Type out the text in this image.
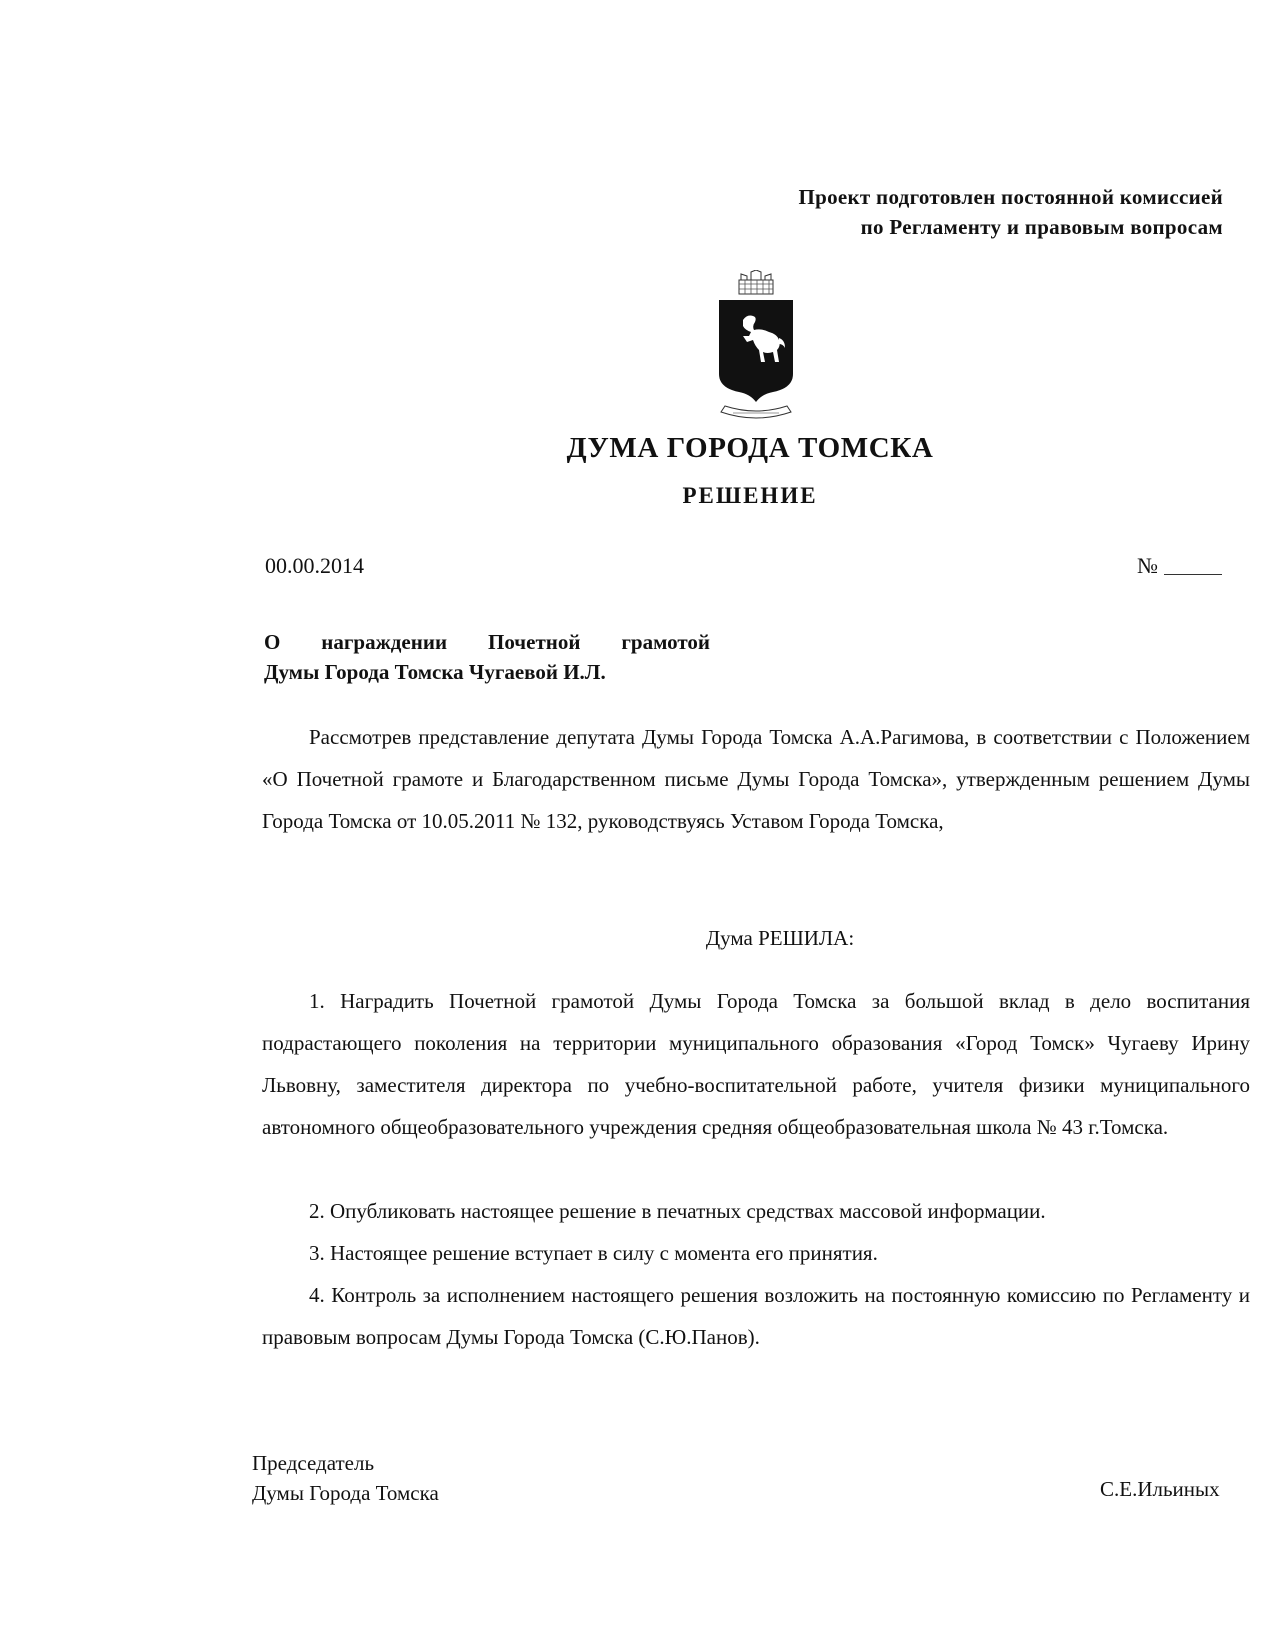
Проект подготовлен постоянной комиссией
по Регламенту и правовым вопросам
ДУМА ГОРОДА ТОМСКА
РЕШЕНИЕ
00.00.2014	№
О награждении Почетной грамотой
Думы Города Томска Чугаевой И.Л.
Рассмотрев представление депутата Думы Города Томска А.А.Рагимова, в соответствии с Положением «О Почетной грамоте и Благодарственном письме Думы Города Томска», утвержденным решением Думы Города Томска от 10.05.2011 № 132, руководствуясь Уставом Города Томска,
Дума РЕШИЛА:
1. Наградить Почетной грамотой Думы Города Томска за большой вклад в дело воспитания подрастающего поколения на территории муниципального образования «Город Томск» Чугаеву Ирину Львовну, заместителя директора по учебно-воспитательной работе, учителя физики муниципального автономного общеобразовательного учреждения средняя общеобразовательная школа № 43 г.Томска.
2. Опубликовать настоящее решение в печатных средствах массовой информации.
3. Настоящее решение вступает в силу с момента его принятия.
4. Контроль за исполнением настоящего решения возложить на постоянную комиссию по Регламенту и правовым вопросам Думы Города Томска (С.Ю.Панов).
Председатель
Думы Города Томска	С.Е.Ильиных
